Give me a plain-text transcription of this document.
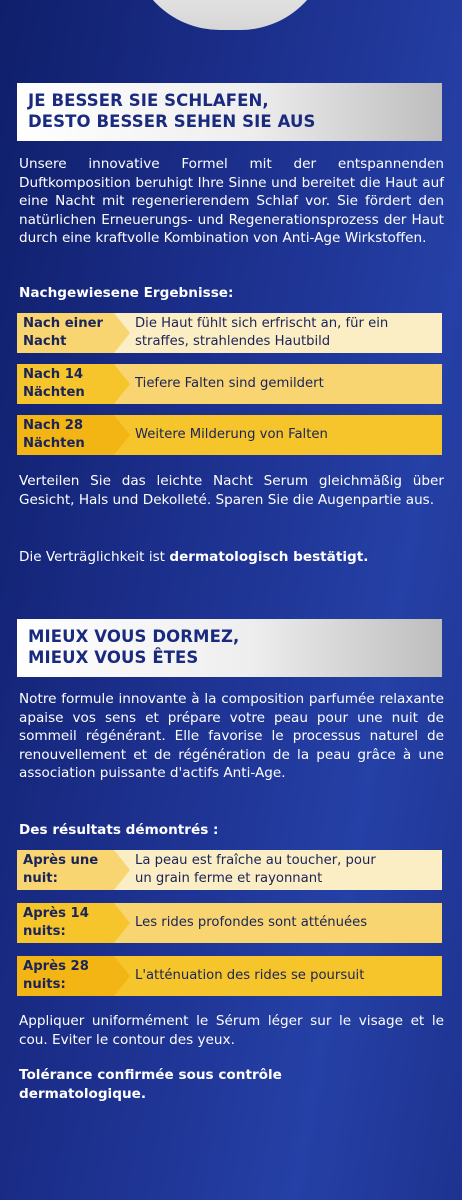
JE BESSER SIE SCHLAFEN,
DESTO BESSER SEHEN SIE AUS
Unsere innovative Formel mit der entspannenden Duftkomposition beruhigt Ihre Sinne und bereitet die Haut auf eine Nacht mit regenerierendem Schlaf vor. Sie fördert den natürlichen Erneuerungs- und Regenerationsprozess der Haut durch eine kraftvolle Kombination von Anti-Age Wirkstoffen.
Nachgewiesene Ergebnisse:
Nach einer
Nacht
Die Haut fühlt sich erfrischt an, für ein
straffes, strahlendes Hautbild
Nach 14
Nächten
Tiefere Falten sind gemildert
Nach 28
Nächten
Weitere Milderung von Falten
Verteilen Sie das leichte Nacht Serum gleichmäßig über Gesicht, Hals und Dekolleté. Sparen Sie die Augenpartie aus.
Die Verträglichkeit ist dermatologisch bestätigt.
MIEUX VOUS DORMEZ,
MIEUX VOUS ÊTES
Notre formule innovante à la composition parfumée relaxante apaise vos sens et prépare votre peau pour une nuit de sommeil régénérant. Elle favorise le processus naturel de renouvellement et de régénération de la peau grâce à une association puissante d'actifs Anti-Age.
Des résultats démontrés :
Après une
nuit:
La peau est fraîche au toucher, pour
un grain ferme et rayonnant
Après 14
nuits:
Les rides profondes sont atténuées
Après 28
nuits:
L'atténuation des rides se poursuit
Appliquer uniformément le Sérum léger sur le visage et le cou. Eviter le contour des yeux.
Tolérance confirmée sous contrôle
dermatologique.
